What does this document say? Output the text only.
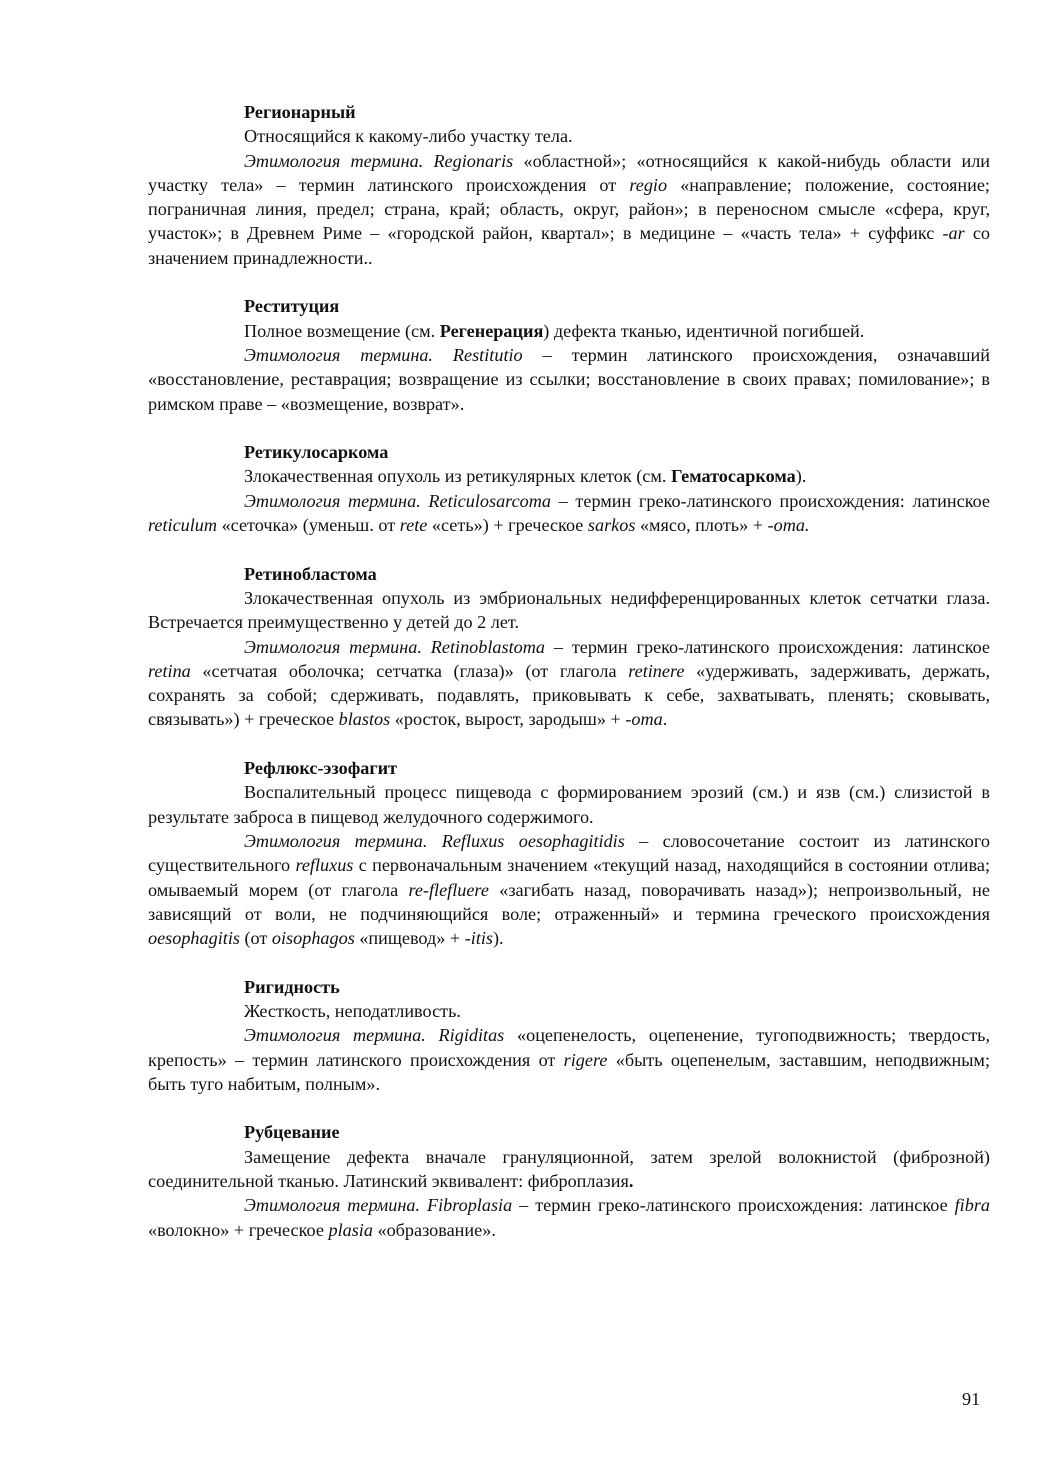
Регионарный

Относящийся к какому-либо участку тела.

Этимология термина. Regionaris «областной»; «относящийся к какой-нибудь области или участку тела» – термин латинского происхождения от regio «направление; положение, состояние; пограничная линия, предел; страна, край; область, округ, район»; в переносном смысле «сфера, круг, участок»; в Древнем Риме – «городской район, квартал»; в медицине – «часть тела» + суффикс -ar со значением принадлежности..

Реституция

Полное возмещение (см. Регенерация) дефекта тканью, идентичной погибшей.

Этимология термина. Restitutio – термин латинского происхождения, означавший «восстановление, реставрация; возвращение из ссылки; восстановление в своих правах; помилование»; в римском праве – «возмещение, возврат».

Ретикулосаркома

Злокачественная опухоль из ретикулярных клеток (см. Гематосаркома).

Этимология термина. Reticulosarcoma – термин греко-латинского происхождения: латинское reticulum «сеточка» (уменьш. от rete «сеть») + греческое sarkos «мясо, плоть» + -oma.

Ретинобластома

Злокачественная опухоль из эмбриональных недифференцированных клеток сетчатки глаза. Встречается преимущественно у детей до 2 лет.

Этимология термина. Retinoblastoma – термин греко-латинского происхождения: латинское retina «сетчатая оболочка; сетчатка (глаза)» (от глагола retinere «удерживать, задерживать, держать, сохранять за собой; сдерживать, подавлять, приковывать к себе, захватывать, пленять; сковывать, связывать») + греческое blastos «росток, вырост, зародыш» + -oma.

Рефлюкс-эзофагит

Воспалительный процесс пищевода с формированием эрозий (см.) и язв (см.) слизистой в результате заброса в пищевод желудочного содержимого.

Этимология термина. Refluxus oesophagitidis – словосочетание состоит из латинского существительного refluxus с первоначальным значением «текущий назад, находящийся в состоянии отлива; омываемый морем (от глагола re-flefluere «загибать назад, поворачивать назад»); непроизвольный, не зависящий от воли, не подчиняющийся воле; отраженный» и термина греческого происхождения oesophagitis (от oisophagos «пищевод» + -itis).

Ригидность

Жесткость, неподатливость.

Этимология термина. Rigiditas «оцепенелость, оцепенение, тугоподвижность; твердость, крепость» – термин латинского происхождения от rigere «быть оцепенелым, заставшим, неподвижным; быть туго набитым, полным».

Рубцевание

Замещение дефекта вначале грануляционной, затем зрелой волокнистой (фиброзной) соединительной тканью. Латинский эквивалент: фиброплазия.

Этимология термина. Fibroplasia – термин греко-латинского происхождения: латинское fibra «волокно» + греческое plasia «образование».

91
